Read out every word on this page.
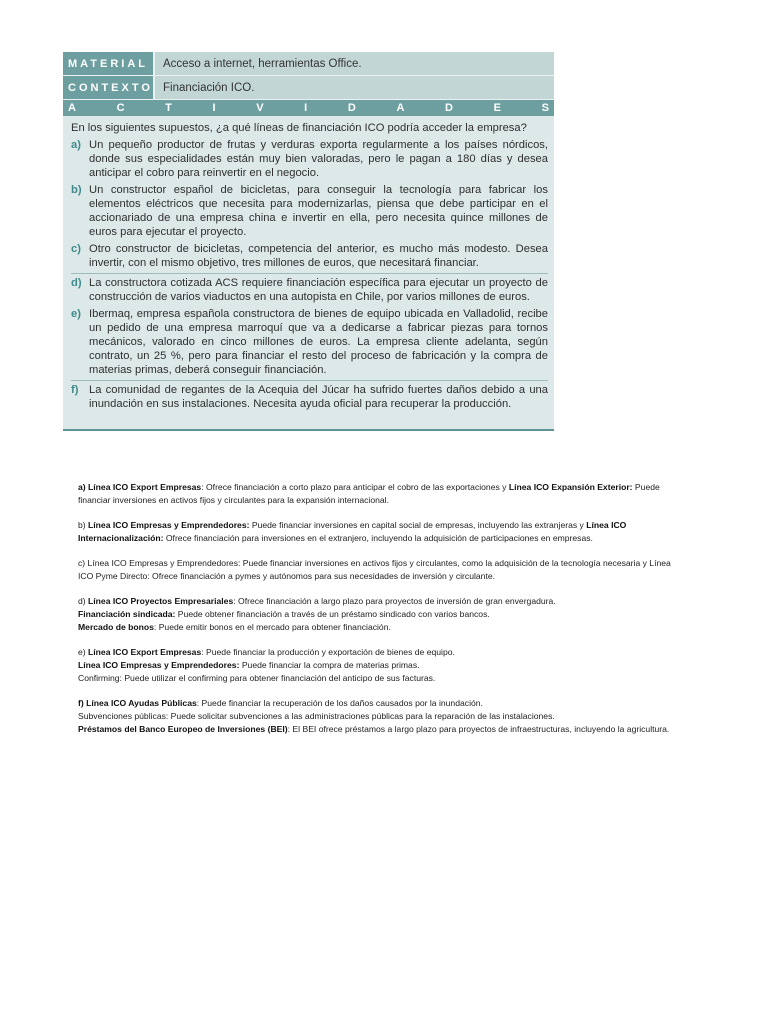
MATERIAL	Acceso a internet, herramientas Office.
CONTEXTO Financiación ICO.
A	C	T	I	V	I	D	A	D	E	S
En los siguientes supuestos, ¿a qué líneas de financiación ICO podría acceder la empresa?
a) Un pequeño productor de frutas y verduras exporta regularmente a los países nórdicos, donde sus especialidades están muy bien valoradas, pero le pagan a 180 días y desea anticipar el cobro para reinvertir en el negocio.
b) Un constructor español de bicicletas, para conseguir la tecnología para fabricar los elementos eléctricos que necesita para modernizarlas, piensa que debe participar en el accionariado de una empresa china e invertir en ella, pero necesita quince millones de euros para ejecutar el proyecto.
c) Otro constructor de bicicletas, competencia del anterior, es mucho más modesto. Desea invertir, con el mismo objetivo, tres millones de euros, que necesitará financiar.
d) La constructora cotizada ACS requiere financiación específica para ejecutar un proyecto de construcción de varios viaductos en una autopista en Chile, por varios millones de euros.
e) Ibermaq, empresa española constructora de bienes de equipo ubicada en Valladolid, recibe un pedido de una empresa marroquí que va a dedicarse a fabricar piezas para tornos mecánicos, valorado en cinco millones de euros. La empresa cliente adelanta, según contrato, un 25 %, pero para financiar el resto del proceso de fabricación y la compra de materias primas, deberá conseguir financiación.
f) La comunidad de regantes de la Acequia del Júcar ha sufrido fuertes daños debido a una inundación en sus instalaciones. Necesita ayuda oficial para recuperar la producción.

a) Línea ICO Export Empresas: Ofrece financiación a corto plazo para anticipar el cobro de las exportaciones y Línea ICO Expansión Exterior: Puede financiar inversiones en activos fijos y circulantes para la expansión internacional.

b) Línea ICO Empresas y Emprendedores: Puede financiar inversiones en capital social de empresas, incluyendo las extranjeras y Línea ICO Internacionalización: Ofrece financiación para inversiones en el extranjero, incluyendo la adquisición de participaciones en empresas.

c) Línea ICO Empresas y Emprendedores: Puede financiar inversiones en activos fijos y circulantes, como la adquisición de la tecnología necesaria y Línea ICO Pyme Directo: Ofrece financiación a pymes y autónomos para sus necesidades de inversión y circulante.

d) Línea ICO Proyectos Empresariales: Ofrece financiación a largo plazo para proyectos de inversión de gran envergadura.
Financiación sindicada: Puede obtener financiación a través de un préstamo sindicado con varios bancos.
Mercado de bonos: Puede emitir bonos en el mercado para obtener financiación.

e) Línea ICO Export Empresas: Puede financiar la producción y exportación de bienes de equipo.
Línea ICO Empresas y Emprendedores: Puede financiar la compra de materias primas.
Confirming: Puede utilizar el confirming para obtener financiación del anticipo de sus facturas.

f) Línea ICO Ayudas Públicas: Puede financiar la recuperación de los daños causados por la inundación.
Subvenciones públicas: Puede solicitar subvenciones a las administraciones públicas para la reparación de las instalaciones.
Préstamos del Banco Europeo de Inversiones (BEI): El BEI ofrece préstamos a largo plazo para proyectos de infraestructuras, incluyendo la agricultura.
